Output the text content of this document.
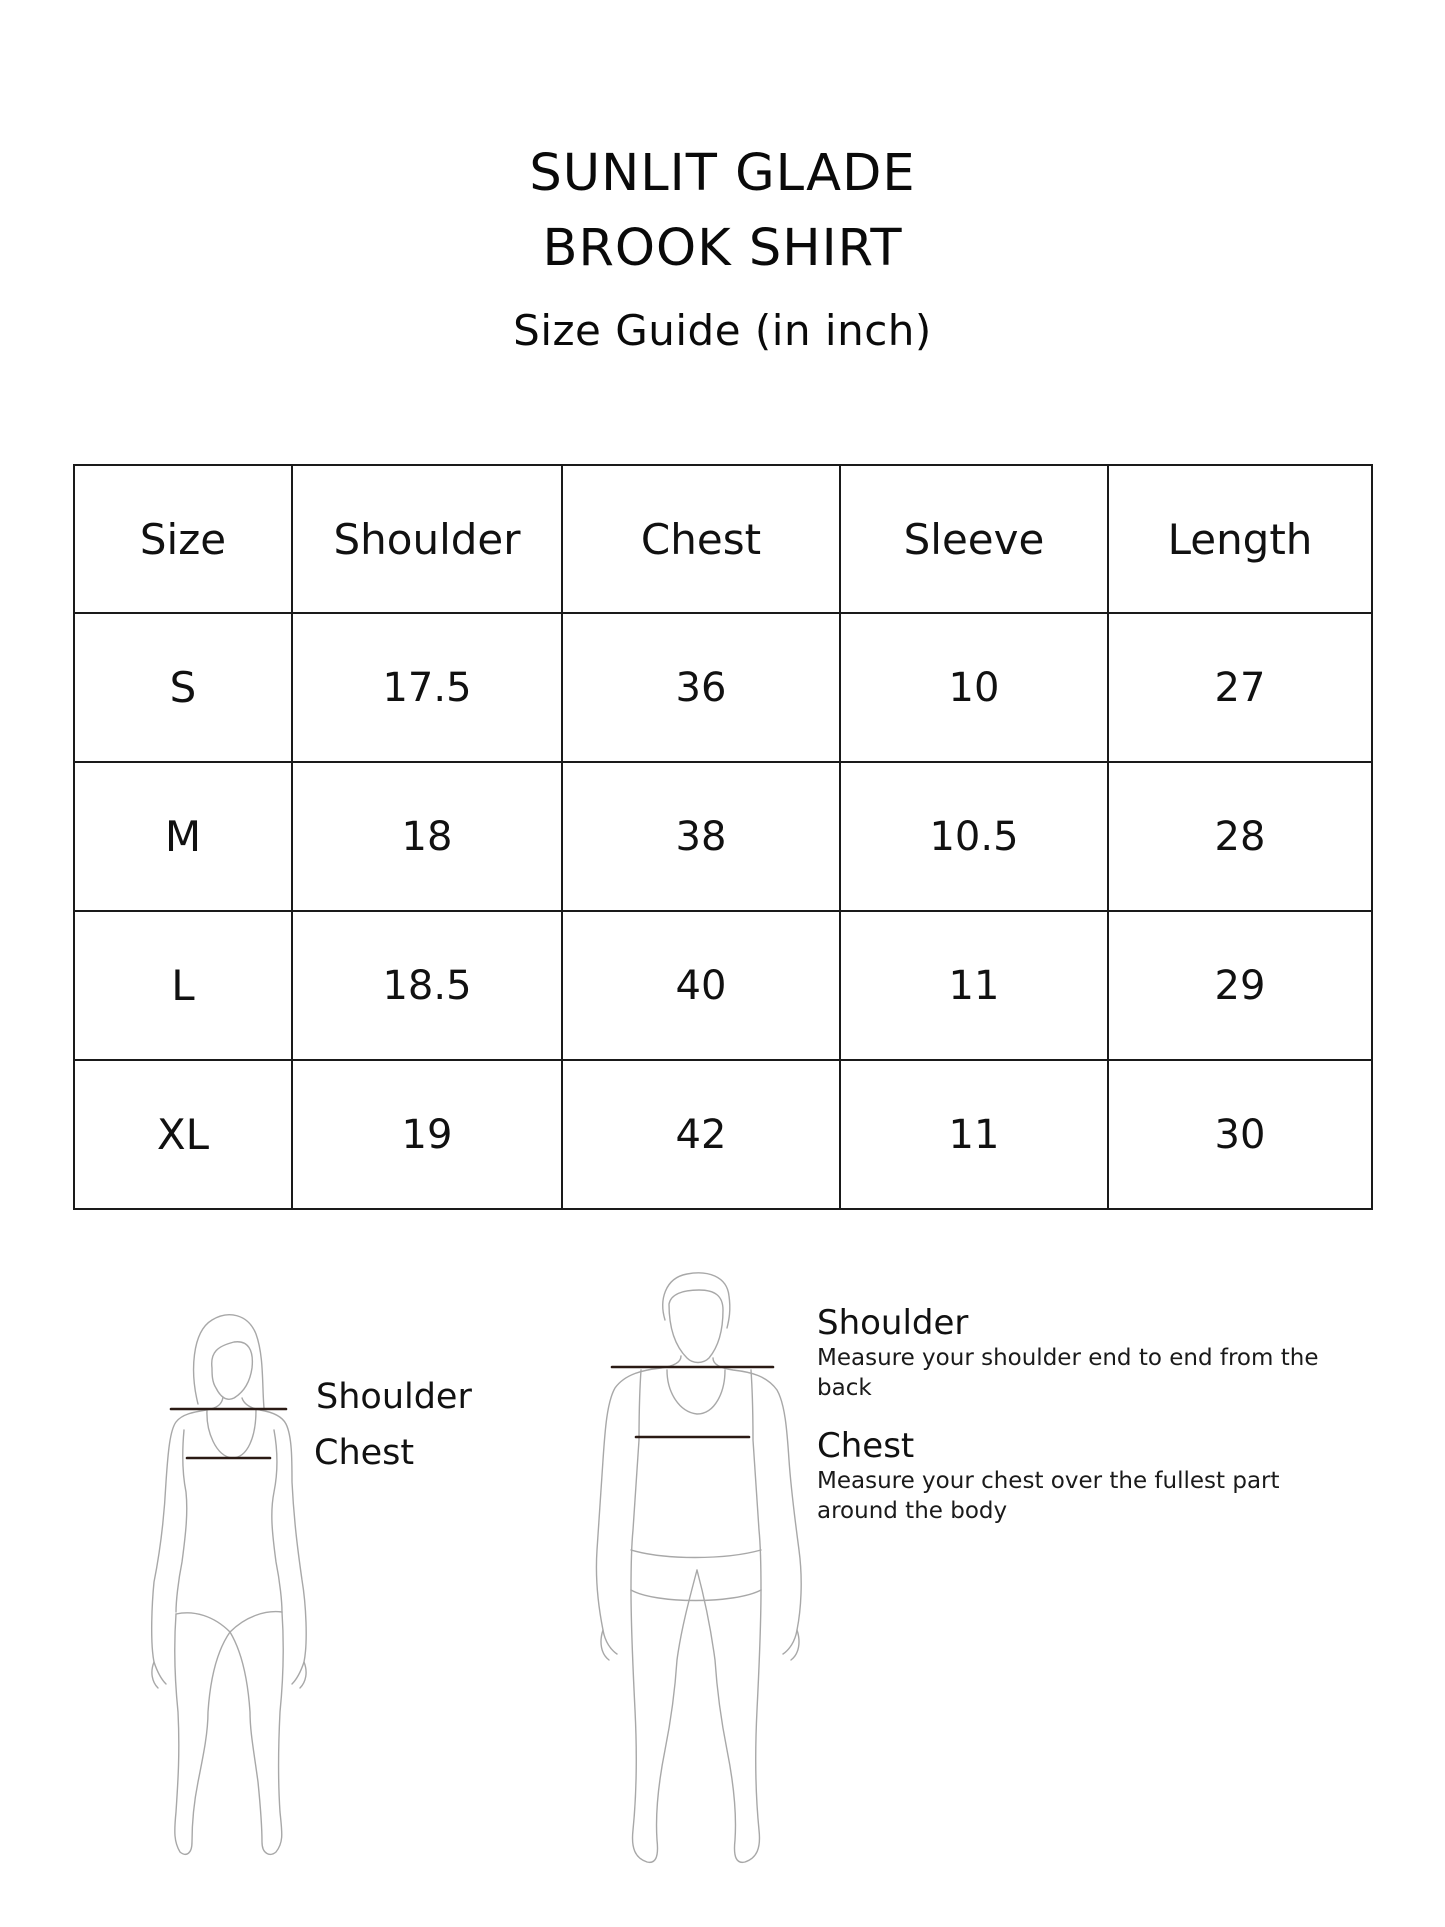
SUNLIT GLADE
BROOK SHIRT
Size Guide (in inch)
Size	Shoulder	Chest	Sleeve	Length
S	17.5	36	10	27
M	18	38	10.5	28
L	18.5	40	11	29
XL	19	42	11	30
Shoulder
Chest
Shoulder
Measure your shoulder end to end from the back
Chest
Measure your chest over the fullest part around the body
